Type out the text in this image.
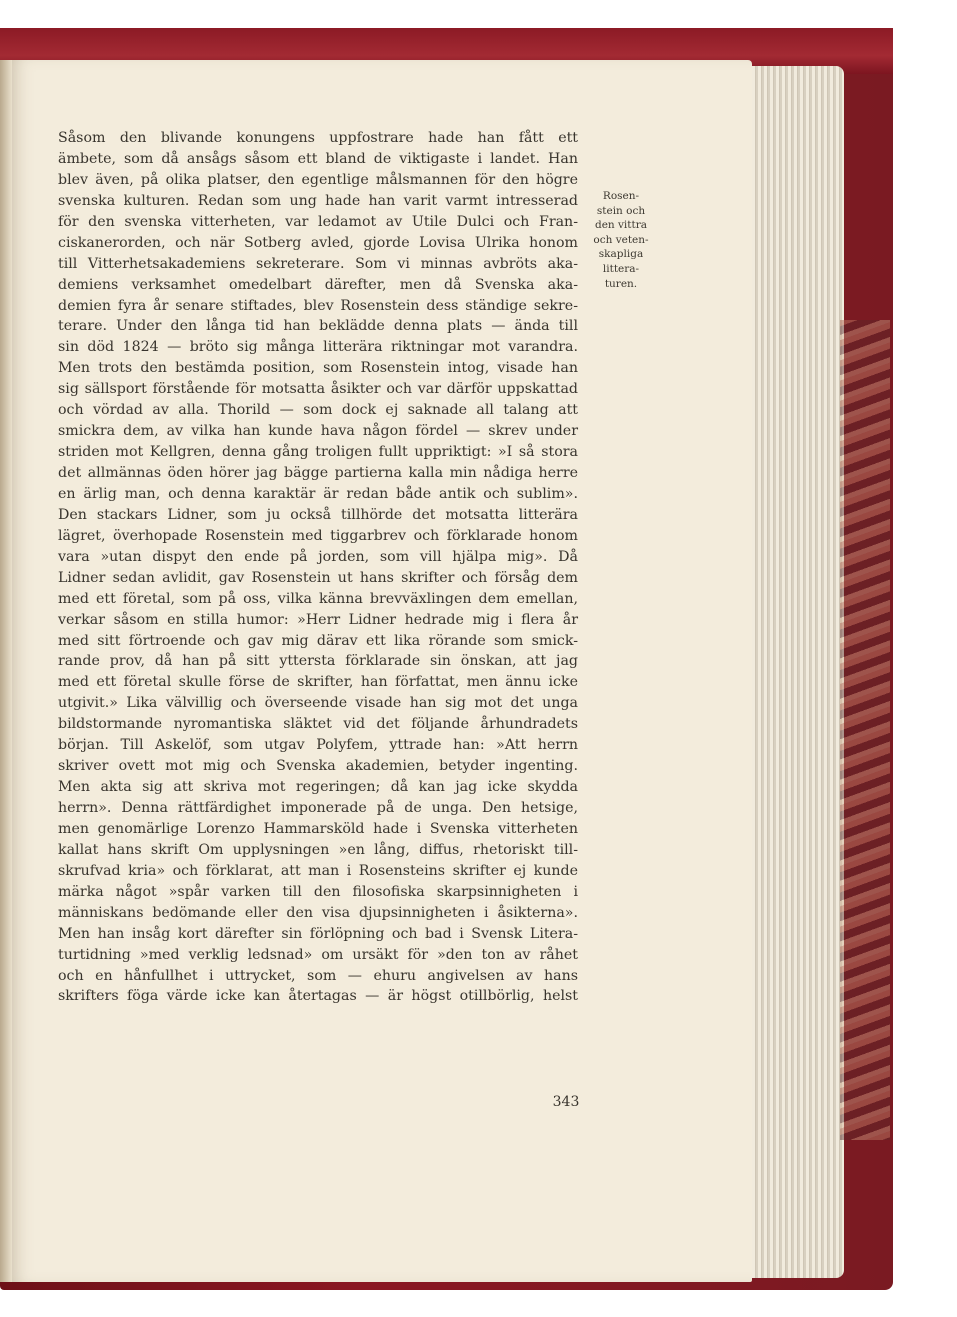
Såsom den blivande konungens uppfostrare hade han fått ett
ämbete, som då ansågs såsom ett bland de viktigaste i landet. Han
blev även, på olika platser, den egentlige målsmannen för den högre
svenska kulturen. Redan som ung hade han varit varmt intresserad
för den svenska vitterheten, var ledamot av Utile Dulci och Fran-
ciskanerorden, och när Sotberg avled, gjorde Lovisa Ulrika honom
till Vitterhetsakademiens sekreterare. Som vi minnas avbröts aka-
demiens verksamhet omedelbart därefter, men då Svenska aka-
demien fyra år senare stiftades, blev Rosenstein dess ständige sekre-
terare. Under den långa tid han beklädde denna plats — ända till
sin död 1824 — bröto sig många litterära riktningar mot varandra.
Men trots den bestämda position, som Rosenstein intog, visade han
sig sällsport förstående för motsatta åsikter och var därför uppskattad
och vördad av alla. Thorild — som dock ej saknade all talang att
smickra dem, av vilka han kunde hava någon fördel — skrev under
striden mot Kellgren, denna gång troligen fullt uppriktigt: »I så stora
det allmännas öden hörer jag bägge partierna kalla min nådiga herre
en ärlig man, och denna karaktär är redan både antik och sublim».
Den stackars Lidner, som ju också tillhörde det motsatta litterära
lägret, överhopade Rosenstein med tiggarbrev och förklarade honom
vara »utan dispyt den ende på jorden, som vill hjälpa mig». Då
Lidner sedan avlidit, gav Rosenstein ut hans skrifter och försåg dem
med ett företal, som på oss, vilka känna brevväxlingen dem emellan,
verkar såsom en stilla humor: »Herr Lidner hedrade mig i flera år
med sitt förtroende och gav mig därav ett lika rörande som smick-
rande prov, då han på sitt yttersta förklarade sin önskan, att jag
med ett företal skulle förse de skrifter, han författat, men ännu icke
utgivit.» Lika välvillig och överseende visade han sig mot det unga
bildstormande nyromantiska släktet vid det följande århundradets
början. Till Askelöf, som utgav Polyfem, yttrade han: »Att herrn
skriver ovett mot mig och Svenska akademien, betyder ingenting.
Men akta sig att skriva mot regeringen; då kan jag icke skydda
herrn». Denna rättfärdighet imponerade på de unga. Den hetsige,
men genomärlige Lorenzo Hammarsköld hade i Svenska vitterheten
kallat hans skrift Om upplysningen »en lång, diffus, rhetoriskt till-
skrufvad kria» och förklarat, att man i Rosensteins skrifter ej kunde
märka något »spår varken till den filosofiska skarpsinnigheten i
människans bedömande eller den visa djupsinnigheten i åsikterna».
Men han insåg kort därefter sin förlöpning och bad i Svensk Litera-
turtidning »med verklig ledsnad» om ursäkt för »den ton av råhet
och en hånfullhet i uttrycket, som — ehuru angivelsen av hans
skrifters föga värde icke kan återtagas — är högst otillbörlig, helst
Rosen-
stein och
den vittra
och veten-
skapliga
littera-
turen.
343
